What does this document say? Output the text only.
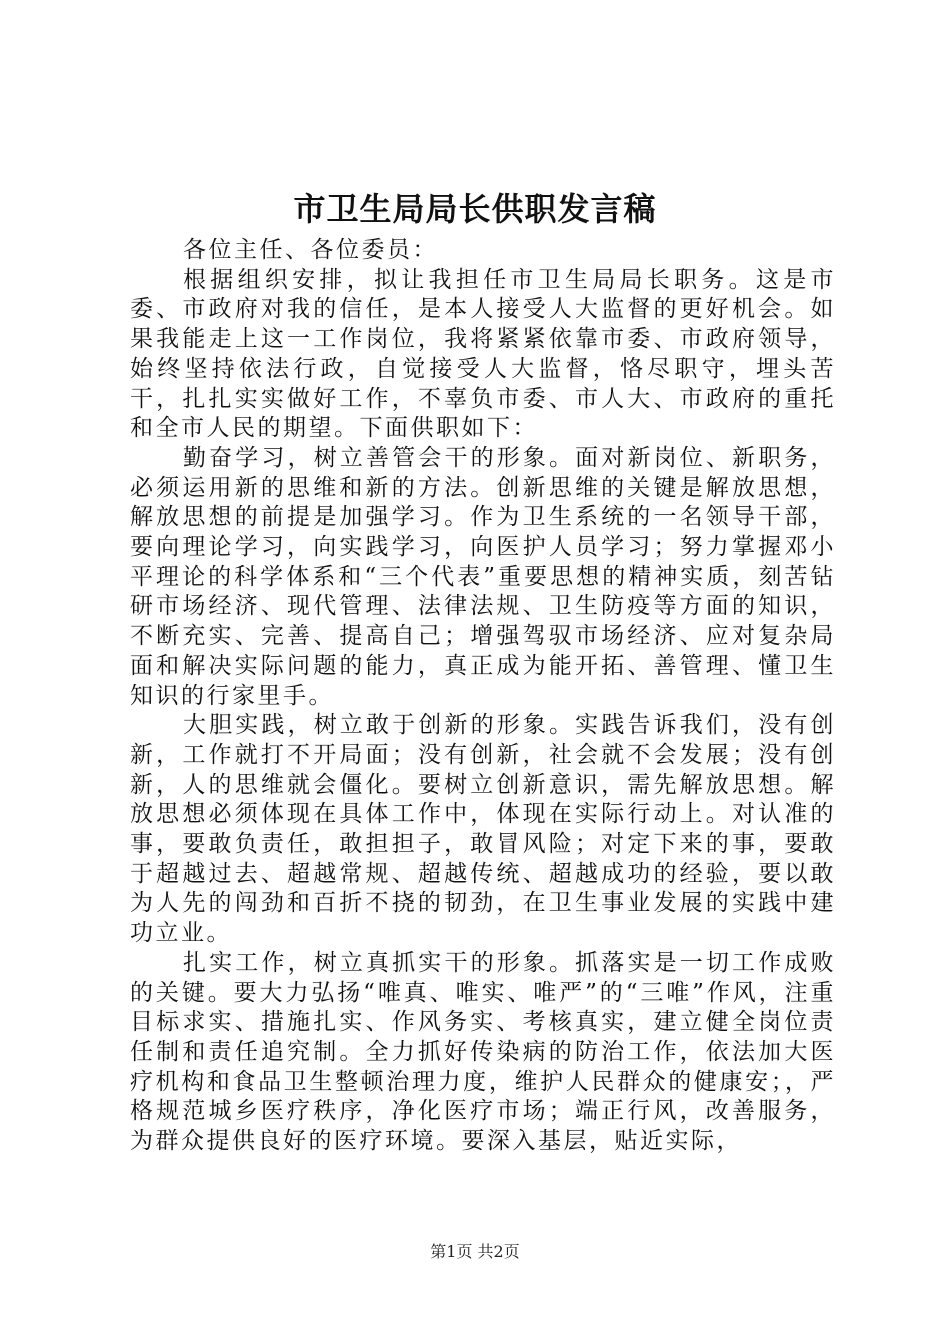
市卫生局局长供职发言稿

各位主任、各位委员：

根据组织安排，拟让我担任市卫生局局长职务。这是市委、市政府对我的信任，是本人接受人大监督的更好机会。如果我能走上这一工作岗位，我将紧紧依靠市委、市政府领导，始终坚持依法行政，自觉接受人大监督，恪尽职守，埋头苦干，扎扎实实做好工作，不辜负市委、市人大、市政府的重托和全市人民的期望。下面供职如下：

勤奋学习，树立善管会干的形象。面对新岗位、新职务，必须运用新的思维和新的方法。创新思维的关键是解放思想，解放思想的前提是加强学习。作为卫生系统的一名领导干部，要向理论学习，向实践学习，向医护人员学习；努力掌握邓小平理论的科学体系和“三个代表”重要思想的精神实质，刻苦钻研市场经济、现代管理、法律法规、卫生防疫等方面的知识，不断充实、完善、提高自己；增强驾驭市场经济、应对复杂局面和解决实际问题的能力，真正成为能开拓、善管理、懂卫生知识的行家里手。

大胆实践，树立敢于创新的形象。实践告诉我们，没有创新，工作就打不开局面；没有创新，社会就不会发展；没有创新，人的思维就会僵化。要树立创新意识，需先解放思想。解放思想必须体现在具体工作中，体现在实际行动上。对认准的事，要敢负责任，敢担担子，敢冒风险；对定下来的事，要敢于超越过去、超越常规、超越传统、超越成功的经验，要以敢为人先的闯劲和百折不挠的韧劲，在卫生事业发展的实践中建功立业。

扎实工作，树立真抓实干的形象。抓落实是一切工作成败的关键。要大力弘扬“唯真、唯实、唯严”的“三唯”作风，注重目标求实、措施扎实、作风务实、考核真实，建立健全岗位责任制和责任追究制。全力抓好传染病的防治工作，依法加大医疗机构和食品卫生整顿治理力度，维护人民群众的健康安；，严格规范城乡医疗秩序，净化医疗市场；端正行风，改善服务，为群众提供良好的医疗环境。要深入基层，贴近实际，

第1页 共2页
